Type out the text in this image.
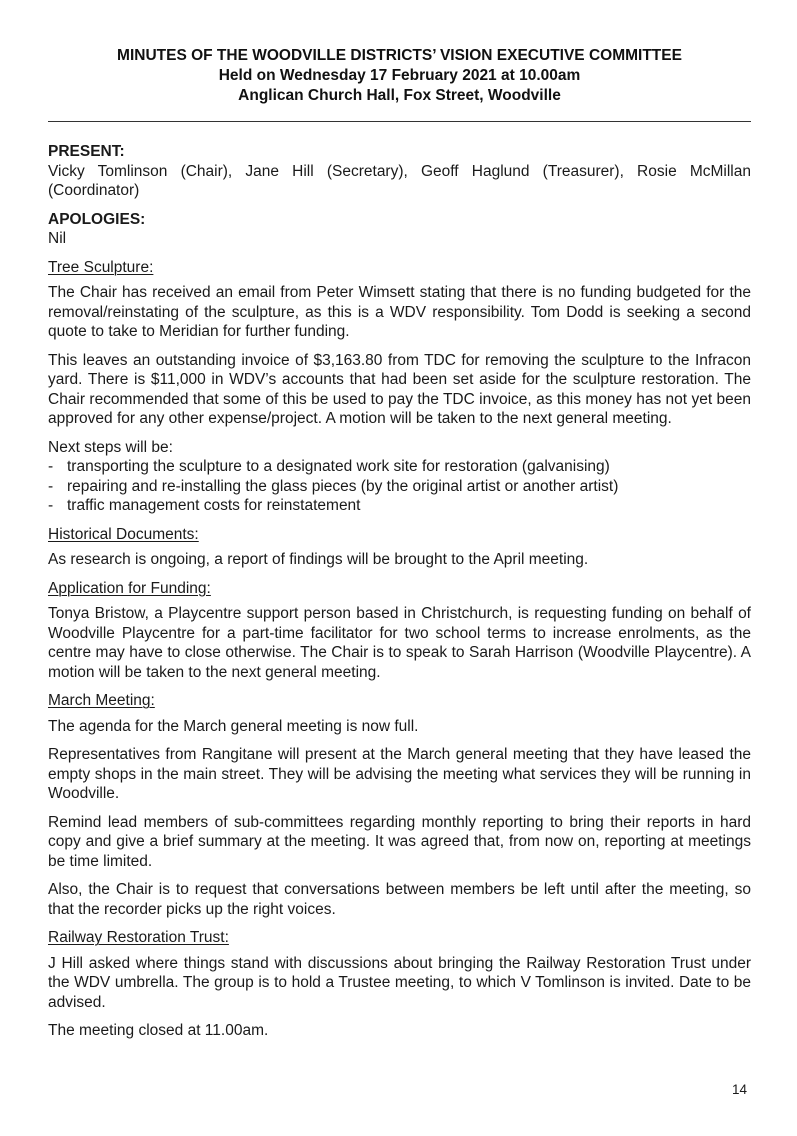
MINUTES OF THE WOODVILLE DISTRICTS’ VISION EXECUTIVE COMMITTEE
Held on Wednesday 17 February 2021 at 10.00am
Anglican Church Hall, Fox Street, Woodville
PRESENT:

Vicky Tomlinson (Chair), Jane Hill (Secretary), Geoff Haglund (Treasurer), Rosie McMillan (Coordinator)

APOLOGIES:

Nil

Tree Sculpture:

The Chair has received an email from Peter Wimsett stating that there is no funding budgeted for the removal/reinstating of the sculpture, as this is a WDV responsibility. Tom Dodd is seeking a second quote to take to Meridian for further funding.

This leaves an outstanding invoice of $3,163.80 from TDC for removing the sculpture to the Infracon yard. There is $11,000 in WDV’s accounts that had been set aside for the sculpture restoration. The Chair recommended that some of this be used to pay the TDC invoice, as this money has not yet been approved for any other expense/project. A motion will be taken to the next general meeting.

Next steps will be:

- transporting the sculpture to a designated work site for restoration (galvanising)
- repairing and re-installing the glass pieces (by the original artist or another artist)
- traffic management costs for reinstatement
Historical Documents:

As research is ongoing, a report of findings will be brought to the April meeting.

Application for Funding:

Tonya Bristow, a Playcentre support person based in Christchurch, is requesting funding on behalf of Woodville Playcentre for a part-time facilitator for two school terms to increase enrolments, as the centre may have to close otherwise. The Chair is to speak to Sarah Harrison (Woodville Playcentre). A motion will be taken to the next general meeting.

March Meeting:

The agenda for the March general meeting is now full.

Representatives from Rangitane will present at the March general meeting that they have leased the empty shops in the main street. They will be advising the meeting what services they will be running in Woodville.

Remind lead members of sub-committees regarding monthly reporting to bring their reports in hard copy and give a brief summary at the meeting. It was agreed that, from now on, reporting at meetings be time limited.

Also, the Chair is to request that conversations between members be left until after the meeting, so that the recorder picks up the right voices.

Railway Restoration Trust:

J Hill asked where things stand with discussions about bringing the Railway Restoration Trust under the WDV umbrella. The group is to hold a Trustee meeting, to which V Tomlinson is invited. Date to be advised.

The meeting closed at 11.00am.

14
